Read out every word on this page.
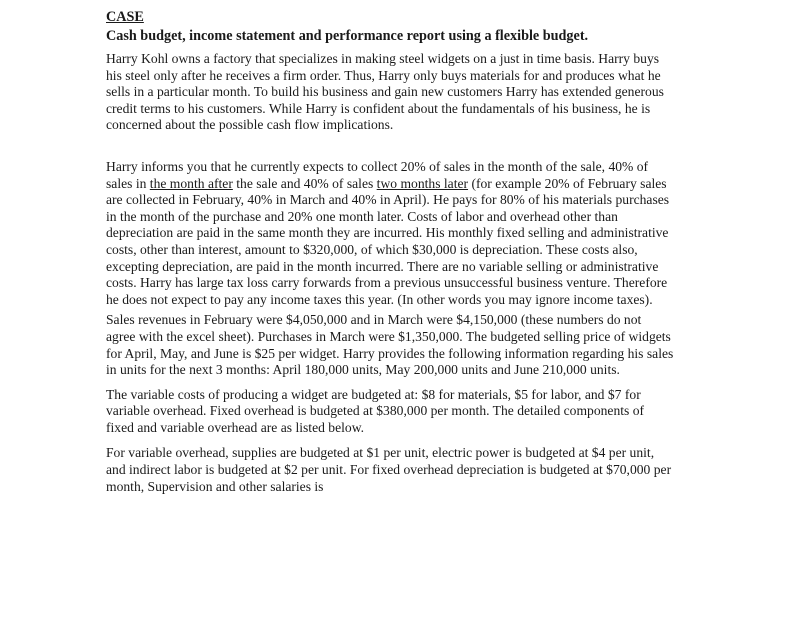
CASE

Cash budget, income statement and performance report using a flexible budget.

Harry Kohl owns a factory that specializes in making steel widgets on a just in time basis. Harry buys his steel only after he receives a firm order. Thus, Harry only buys materials for and produces what he sells in a particular month. To build his business and gain new customers Harry has extended generous credit terms to his customers. While Harry is confident about the fundamentals of his business, he is concerned about the possible cash flow implications.

Harry informs you that he currently expects to collect 20% of sales in the month of the sale, 40% of sales in the month after the sale and 40% of sales two months later (for example 20% of February sales are collected in February, 40% in March and 40% in April). He pays for 80% of his materials purchases in the month of the purchase and 20% one month later. Costs of labor and overhead other than depreciation are paid in the same month they are incurred. His monthly fixed selling and administrative costs, other than interest, amount to $320,000, of which $30,000 is depreciation. These costs also, excepting depreciation, are paid in the month incurred. There are no variable selling or administrative costs. Harry has large tax loss carry forwards from a previous unsuccessful business venture. Therefore he does not expect to pay any income taxes this year. (In other words you may ignore income taxes).

Sales revenues in February were $4,050,000 and in March were $4,150,000 (these numbers do not agree with the excel sheet). Purchases in March were $1,350,000. The budgeted selling price of widgets for April, May, and June is $25 per widget. Harry provides the following information regarding his sales in units for the next 3 months: April 180,000 units, May 200,000 units and June 210,000 units.

The variable costs of producing a widget are budgeted at: $8 for materials, $5 for labor, and $7 for variable overhead. Fixed overhead is budgeted at $380,000 per month. The detailed components of fixed and variable overhead are as listed below.

For variable overhead, supplies are budgeted at $1 per unit, electric power is budgeted at $4 per unit, and indirect labor is budgeted at $2 per unit. For fixed overhead depreciation is budgeted at $70,000 per month, Supervision and other salaries is
